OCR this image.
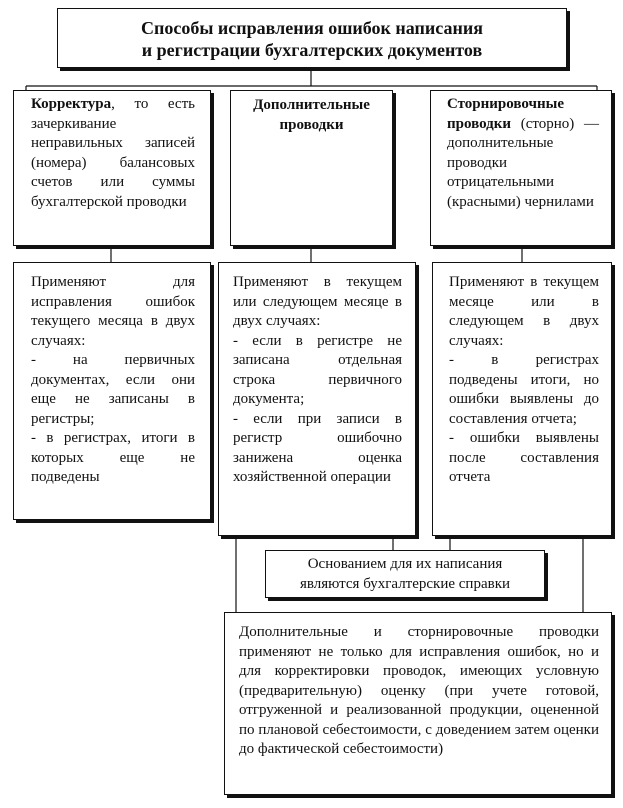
Способы исправления ошибок написания
и регистрации бухгалтерских документов
Корректура, то есть зачеркивание неправильных записей (номера) балансовых счетов или суммы бухгалтерской проводки
Дополнительные проводки
Сторнировочные проводки (сторно) — дополнительные проводки отрицательными (красными) чернилами

Применяют для исправления ошибок текущего месяца в двух случаях:

- на первичных документах, если они еще не записаны в регистры;

- в регистрах, итоги в которых еще не подведены

Применяют в текущем или следующем месяце в двух случаях:

- если в регистре не записана отдельная строка первичного документа;

- если при записи в регистр ошибочно занижена оценка хозяйственной операции

Применяют в текущем месяце или в следующем в двух случаях:

- в регистрах подведены итоги, но ошибки выявлены до составления отчета;

- ошибки выявлены после составления отчета

Основанием для их написания
являются бухгалтерские справки
Дополнительные и сторнировочные проводки применяют не только для исправления ошибок, но и для корректировки проводок, имеющих условную (предварительную) оценку (при учете готовой, отгруженной и реализованной продукции, оцененной по плановой себестоимости, с доведением затем оценки до фактической себестоимости)
